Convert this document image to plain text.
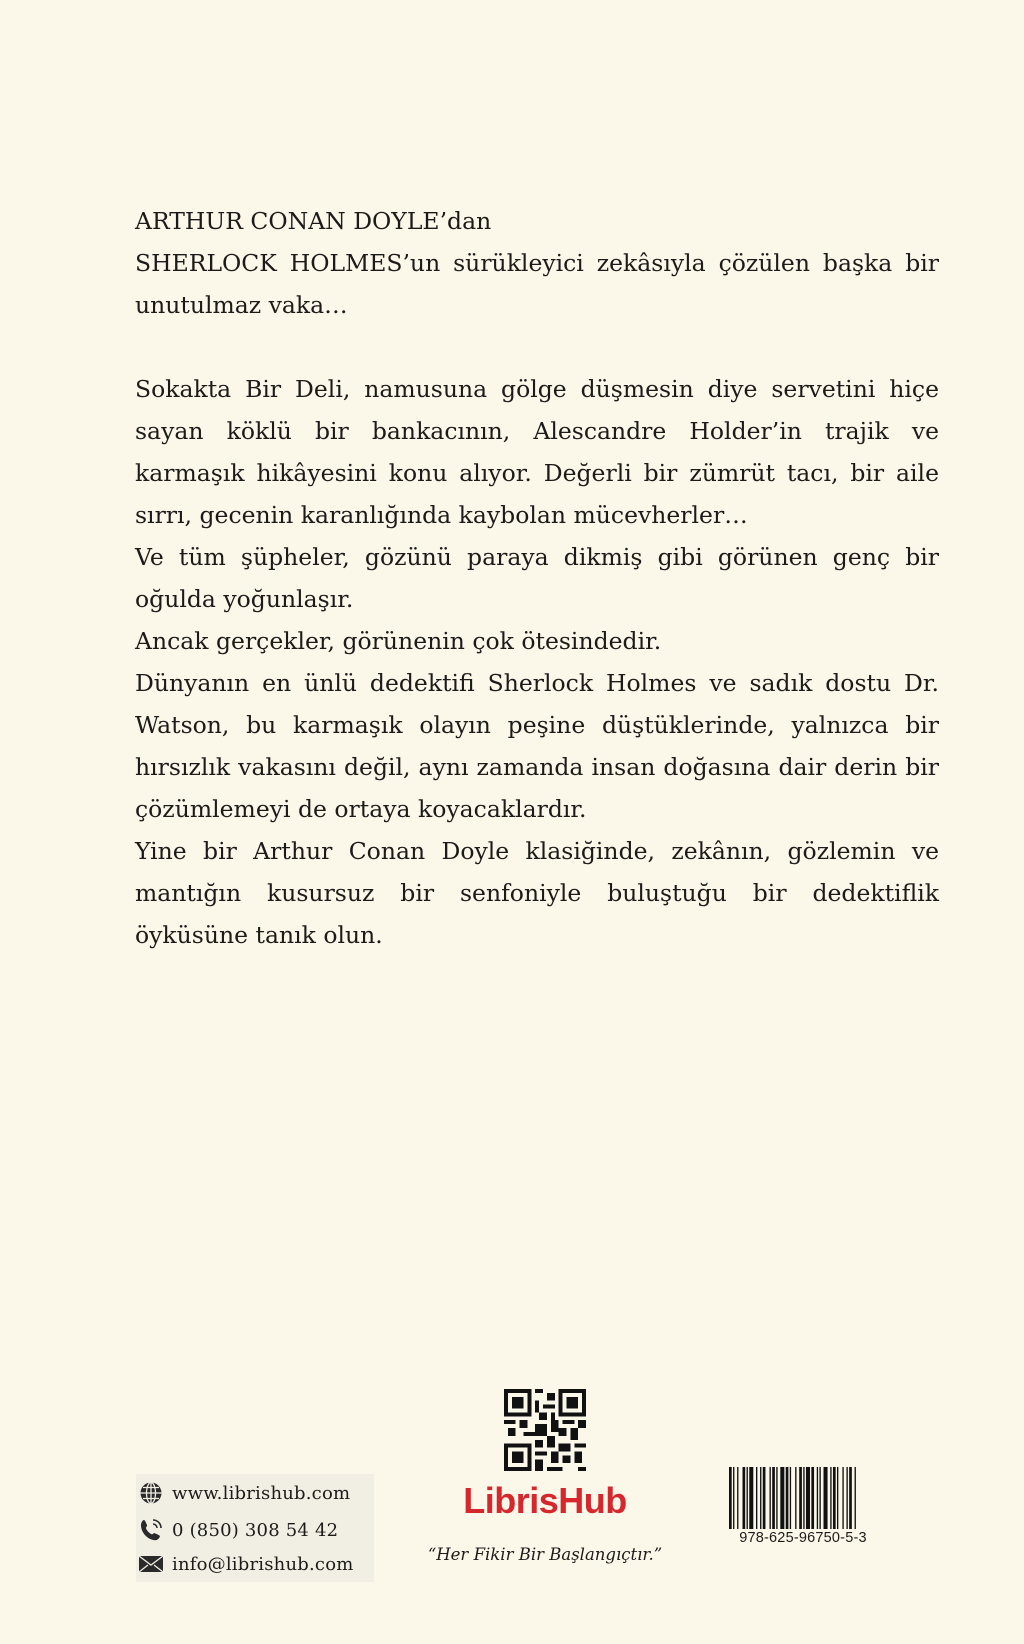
ARTHUR CONAN DOYLE’dan

SHERLOCK HOLMES’un sürükleyici zekâsıyla çözülen başka bir unutulmaz vaka…

Sokakta Bir Deli, namusuna gölge düşmesin diye servetini hiçe sayan köklü bir bankacının, Alescandre Holder’in trajik ve karmaşık hikâyesini konu alıyor. Değerli bir zümrüt tacı, bir aile sırrı, gecenin karanlığında kaybolan mücevherler…

Ve tüm şüpheler, gözünü paraya dikmiş gibi görünen genç bir oğulda yoğunlaşır.

Ancak gerçekler, görünenin çok ötesindedir.

Dünyanın en ünlü dedektifi Sherlock Holmes ve sadık dostu Dr. Watson, bu karmaşık olayın peşine düştüklerinde, yalnızca bir hırsızlık vakasını değil, aynı zamanda insan doğasına dair derin bir çözümlemeyi de ortaya koyacaklardır.

Yine bir Arthur Conan Doyle klasiğinde, zekânın, gözlemin ve mantığın kusursuz bir senfoniyle buluştuğu bir dedektiflik öyküsüne tanık olun.

www.librishub.com
0 (850) 308 54 42
info@librishub.com
LibrisHub
“Her Fikir Bir Başlangıçtır.”
978-625-96750-5-3
